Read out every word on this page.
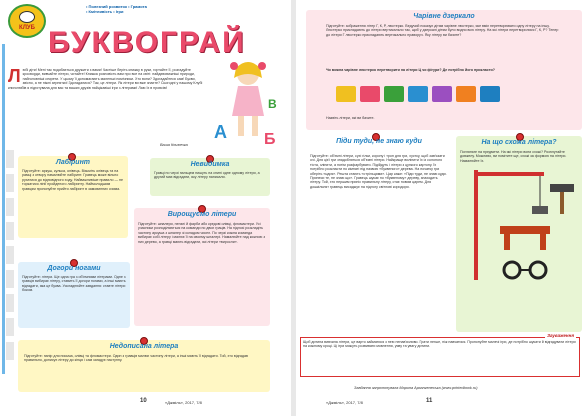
КЛУБ
• Полезний розвиток • Грамота
• Кмітливість • Ігри
БУКВОГРАЙ
Л юбі діти! Мені так подобається дружити з вами! Частіше беріть книжку в руки, гортайте її, розгадуйте кросворди, вивчайте літери, читайте! Книжка розповість вам про все на світі: найдивовижніші природи, найголовніші секрети. У цьому її допомагають маленькі помічники. Хто вони? Здогадайтеся сам! Букви, звісно, а не ніжні зернятки! Здогадалися? Так, це літери. Як літери ви вже знаєте? Сьогодні у нашому Клубі книголюбів я підготувала для вас та ваших друзів найцікавіші ігри з літерами! Лаю їх в провсію!
Ваша Книжечка
А Б
В
Лабіринт
Підготуйте: аркуш, кулька, олівець. Візьміть олівець та на рамці з отвору намалюйте лабіринт. Гравець може вільно рухатися до відповідного ходу. Найважливіше правило — не торкатися лінії пройденого лабіринту. Наймолодшим гравцям пропонуйте прийти лабіринт в замовинних очима.
Невидимка
Гравці по черзі пальцем пишуть на спині одне одному літери, а другий має відгадати, яку літеру написали.
Вирощуємо літери
Підготуйте: шпалери, пензлі й фарби або кредові олівці, фломастери. Усі учасники розподіляються на команди по двоє граців. На підлозі розкладіть частину аркуша з шпалер зі складом чисел. По черзі кожна команда вибирає собі літеру і малює її на своєму шпалері. Намалюйте над кожною з них дерево, а гравці мають відгадати, які літери «виросли».
Догори ногами
Підготуйте: літери. Ще одна гра з об'ємними літерами. Одне з гравців вибирає літеру, ставить її догори ногами, а інші мають відгадати, яка це буква. Ускладнюйте завдання: ставте літери боком.
Недописана літера
Підготуйте: папір для письма, олівці та фломастери. Один з гравців малює частину літери, а інші мають її відгадати. Той, хто відгадав правильно, дописує літеру до кінця і сам загадує наступну.
10	«Джміль», 2017, 7/8
Чарівне дзеркало
Підготуйте: зображення літер Г, К, Р, люстерко. Ведучий показує дітям чарівне люстерко, яке вміє перетворювати одну літеру на іншу. Люстерко прикладають до літери вертикально так, щоб у дзеркалі дітям було видно всю літеру. На які літери перетворилися Г, К, Р? Тепер до літери Г люстерко прикладають вертикально праворуч. Яку літеру ви бачите?
Чи можна чарівне люстерко перетворити на літери Ц чи фігури? Де потрібно його прикласти?
Назвіть літери, які ви бачите.
Піди туди, не знаю куди
Підготуйте: об'ємні літери, сухі гілки, корону і трон для гри, хустку, щоб зав'язати очі. Для цієї гри знадобляться об'ємні літери. Найкраще виліпити їх із солоного тіста, зліпити, а потім розфарбувати. Підійдуть і літери з цупкого картону. Їх потрібно розкласти по кімнаті під назвою «буквеного» дерева. На початку гри оберіть «царя». Решта стають «стрільцями». Цар каже: «Піди туди, не знаю куди. Принеси те, не знаю що». Гравець шукає по «буквеному» дереву, знаходить літеру. Той, хто першим приніс правильну літеру, стає новим царем. Для дошкільнят гравець висаджує на підлогу світлові коридори.
На що схожа літера?
Погляньте на предмети. На які літери вони схожі? Розплутайте довжелу. Можливо, ви помітите ще, схожі за формою на літери. Намалюйте їх.
Зауваження
Щоб дитина вивчила літери, це варто займатися з нею ненав'язливо. Грати легше, ніж навчатися. Пропонуйте малечі ігри, де потрібно шукати й відгадувати літери на кожному кроці. Ці ігри можуть розвивати мовлення, уяву та увагу дитини.
Завдання запропонувала Марина Архангелеська (www.printedbook.ru)
11
«Джміль», 2017, 7/8
